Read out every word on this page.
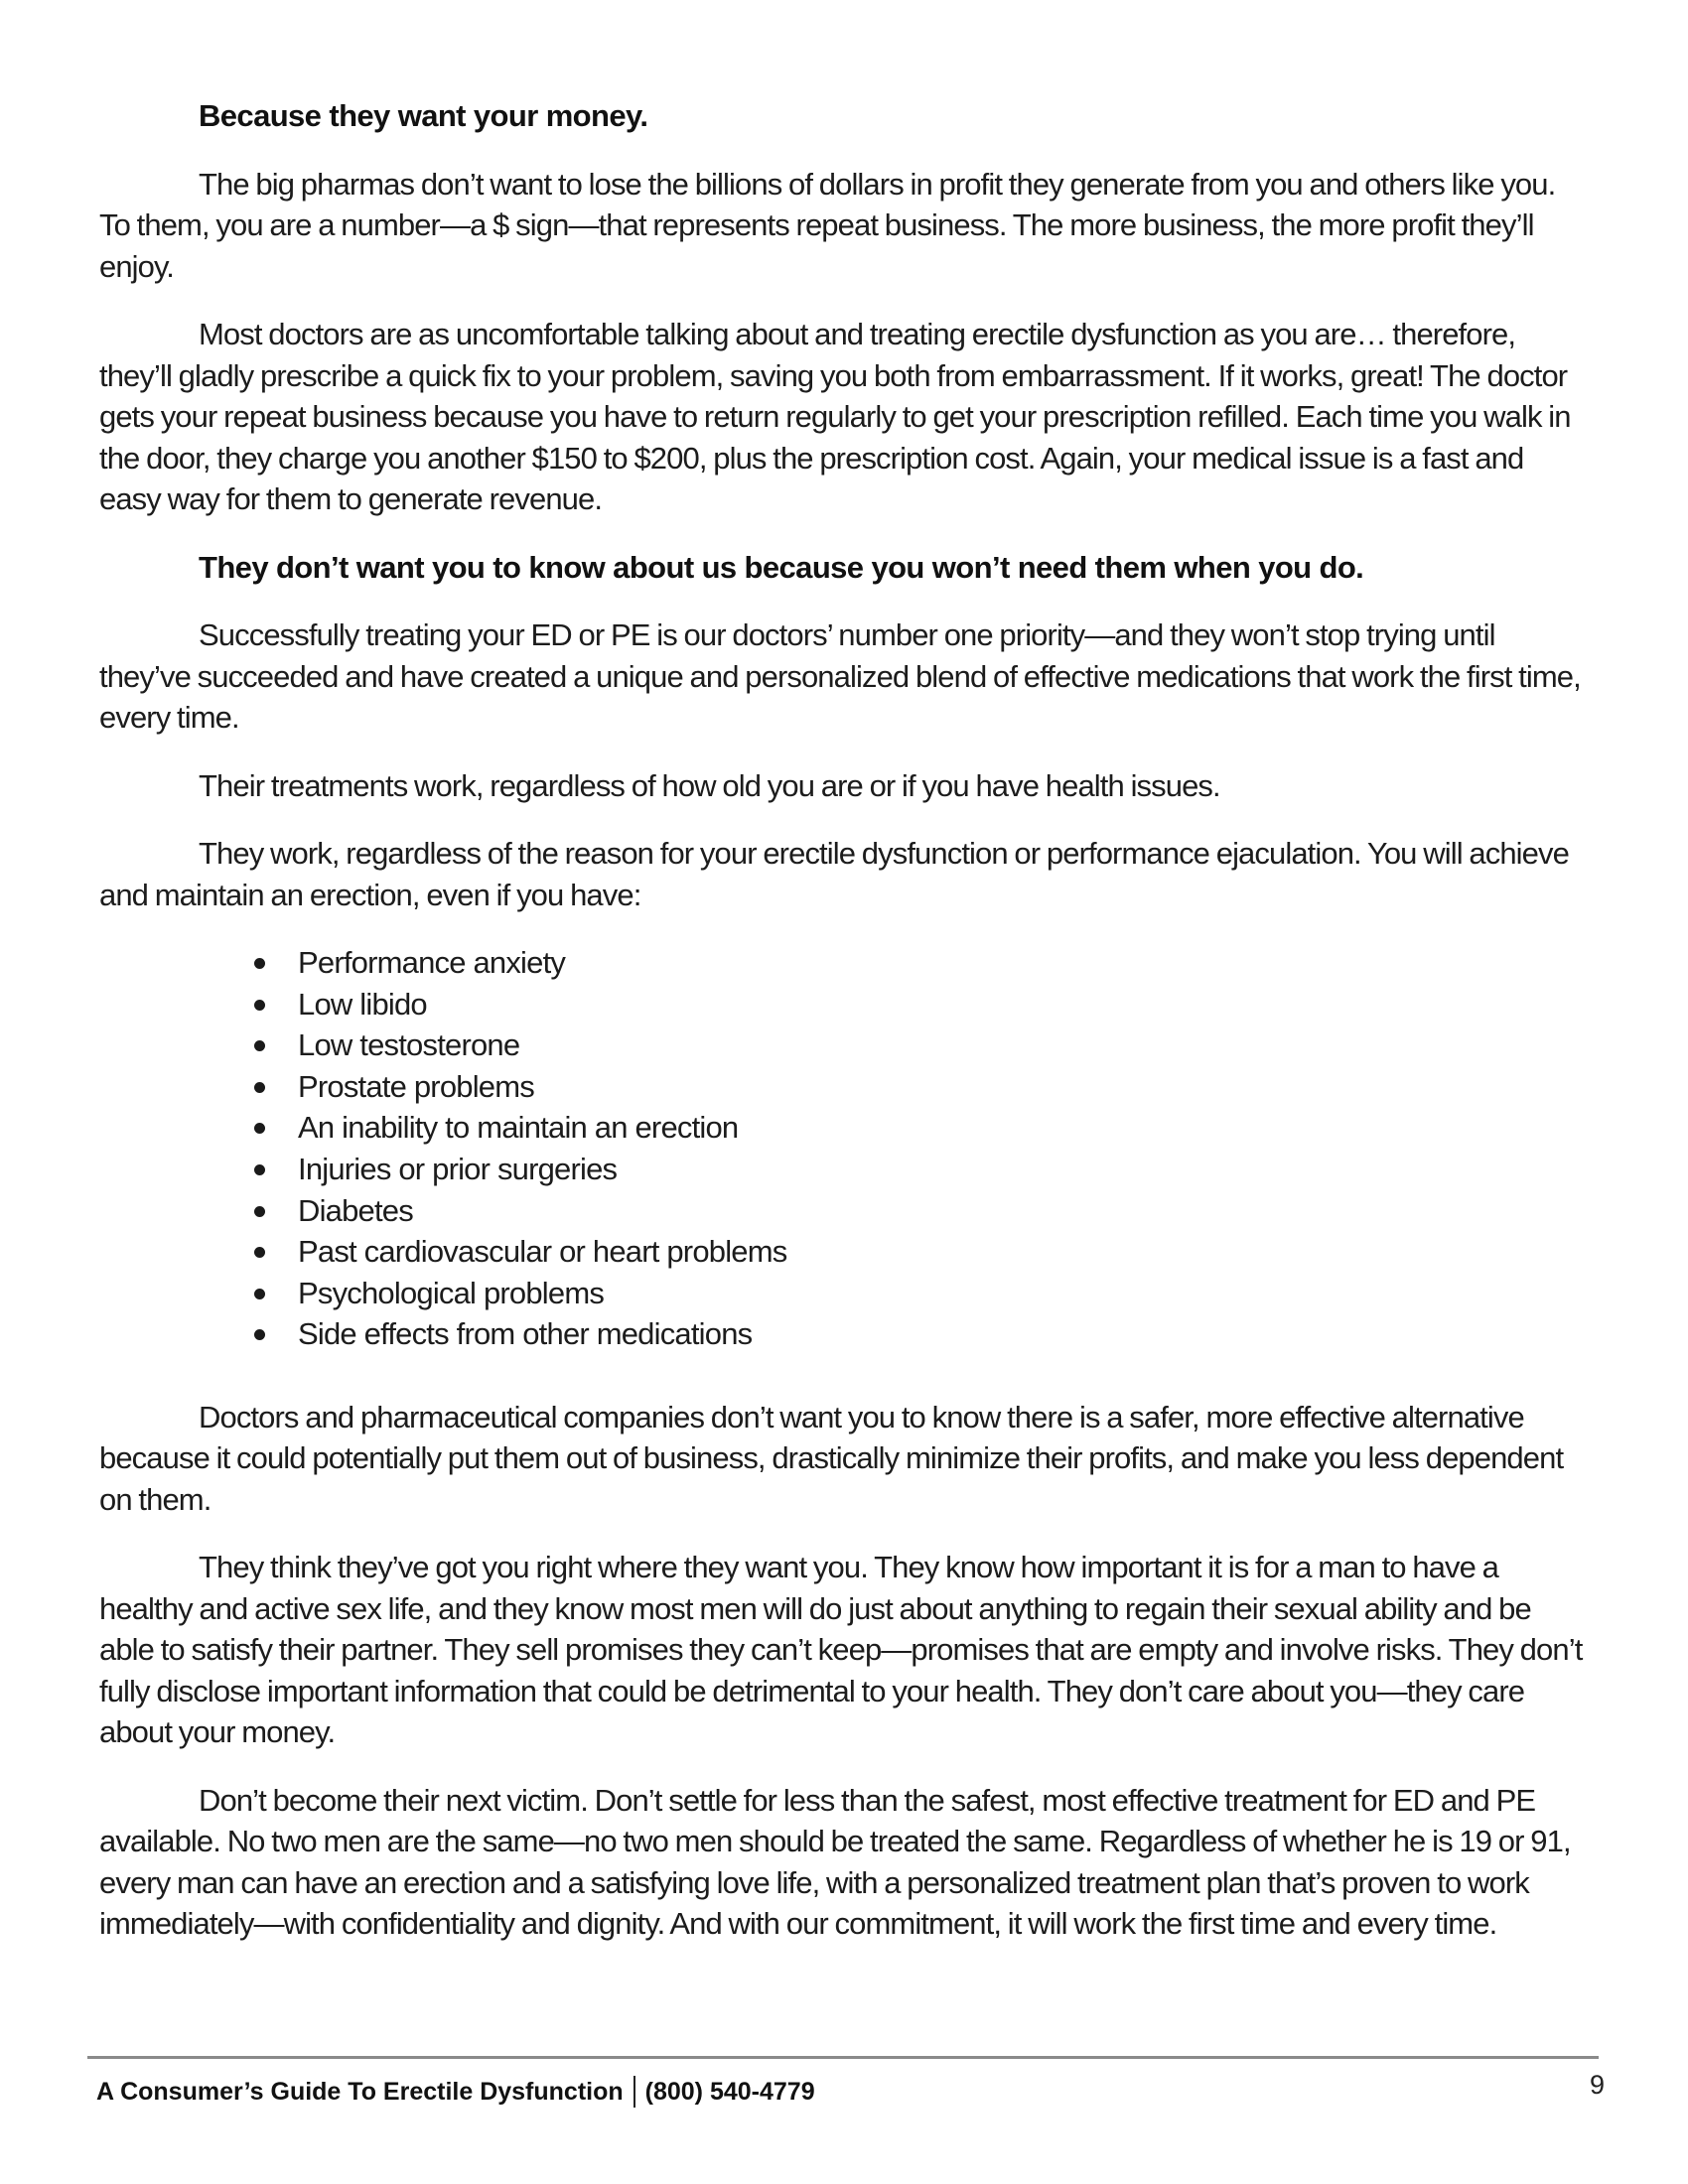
Because they want your money.

The big pharmas don’t want to lose the billions of dollars in profit they generate from you and others like you. To them, you are a number—a $ sign—that represents repeat business. The more business, the more profit they’ll enjoy.

Most doctors are as uncomfortable talking about and treating erectile dysfunction as you are… therefore, they’ll gladly prescribe a quick fix to your problem, saving you both from embarrassment. If it works, great! The doctor gets your repeat business because you have to return regularly to get your prescription refilled. Each time you walk in the door, they charge you another $150 to $200, plus the prescription cost. Again, your medical issue is a fast and easy way for them to generate revenue.

They don’t want you to know about us because you won’t need them when you do.

Successfully treating your ED or PE is our doctors’ number one priority—and they won’t stop trying until they’ve succeeded and have created a unique and personalized blend of effective medications that work the first time, every time.

Their treatments work, regardless of how old you are or if you have health issues.

They work, regardless of the reason for your erectile dysfunction or performance ejaculation. You will achieve and maintain an erection, even if you have:

Performance anxiety
Low libido
Low testosterone
Prostate problems
An inability to maintain an erection
Injuries or prior surgeries
Diabetes
Past cardiovascular or heart problems
Psychological problems
Side effects from other medications

Doctors and pharmaceutical companies don’t want you to know there is a safer, more effective alternative because it could potentially put them out of business, drastically minimize their profits, and make you less dependent on them.

They think they’ve got you right where they want you. They know how important it is for a man to have a healthy and active sex life, and they know most men will do just about anything to regain their sexual ability and be able to satisfy their partner. They sell promises they can’t keep—promises that are empty and involve risks. They don’t fully disclose important information that could be detrimental to your health. They don’t care about you—they care about your money.

Don’t become their next victim. Don’t settle for less than the safest, most effective treatment for ED and PE available. No two men are the same—no two men should be treated the same. Regardless of whether he is 19 or 91, every man can have an erection and a satisfying love life, with a personalized treatment plan that’s proven to work immediately—with confidentiality and dignity. And with our commitment, it will work the first time and every time.

A Consumer’s Guide To Erectile Dysfunction (800) 540-4779	9
